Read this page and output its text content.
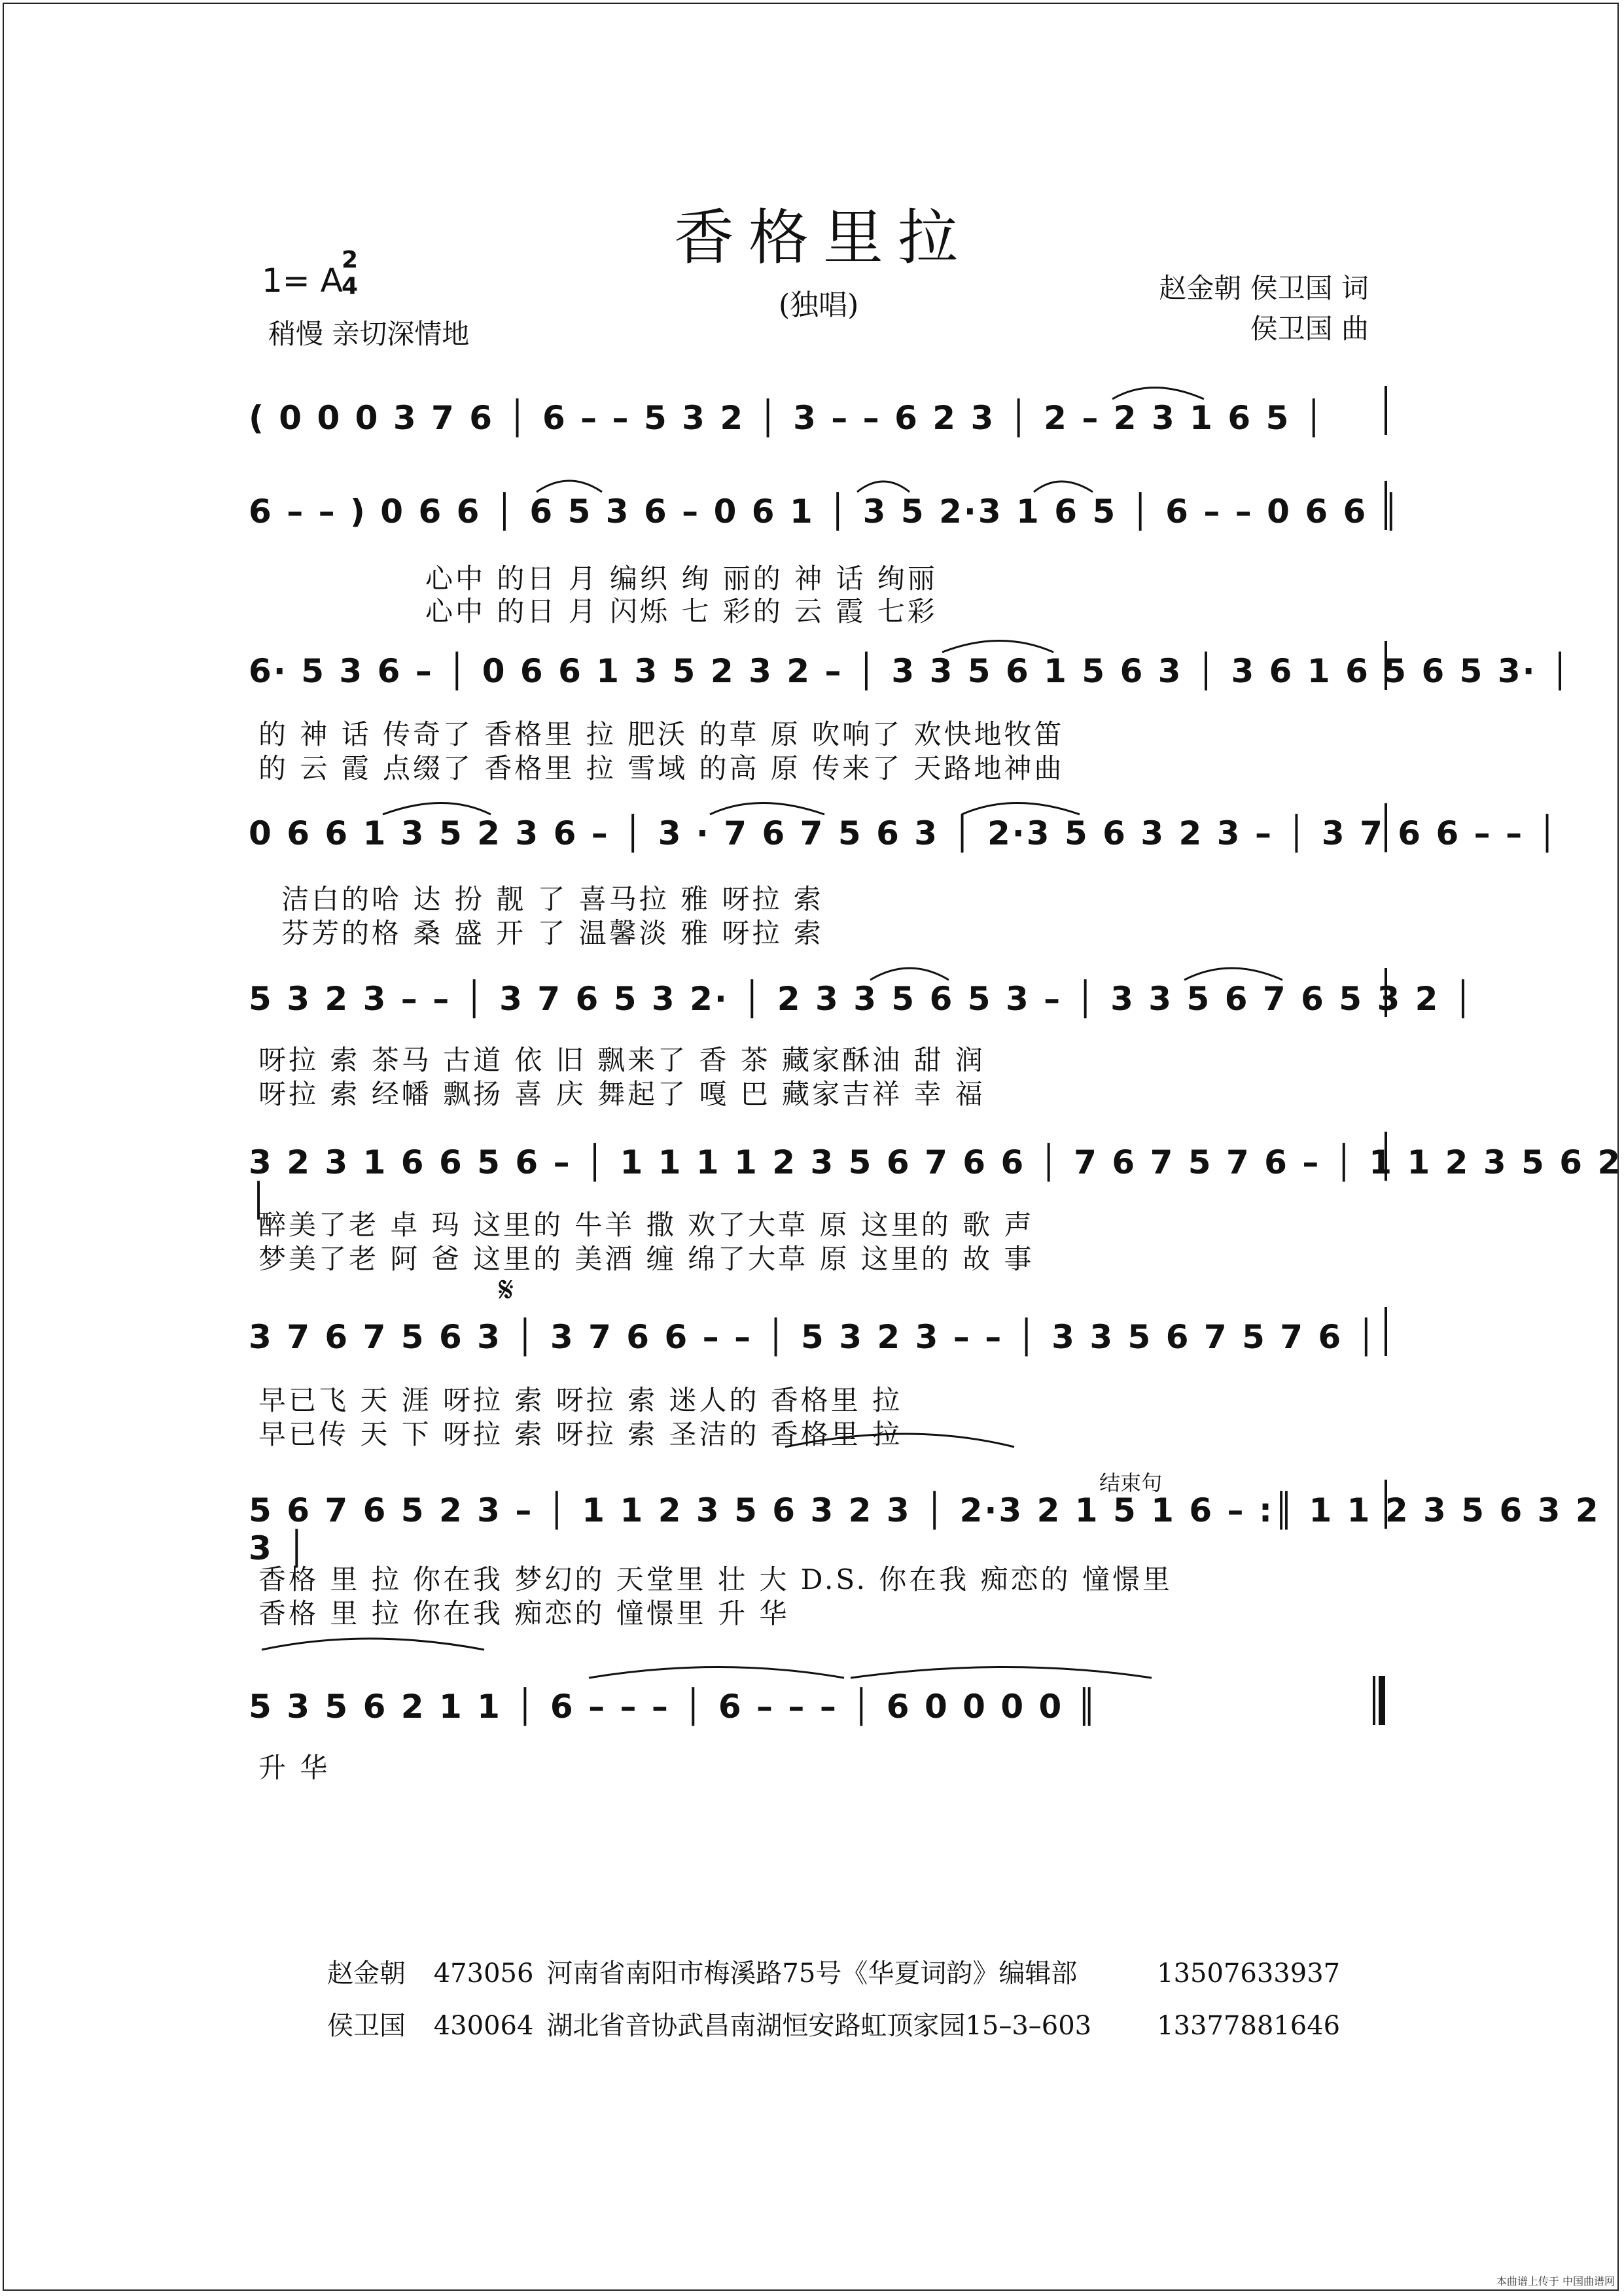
香格里拉
(独唱)
1= A
2
4
稍慢 亲切深情地
赵金朝 侯卫国 词
侯卫国 曲
( 0 0 0 3 7 6 │ 6 – – 5 3 2 │ 3 – – 6 2 3 │ 2 – 2 3 1 6 5 │
6 – – ) 0 6 6 │ 6 5 3 6 – 0 6 1 │ 3 5 2·3 1 6 5 │ 6 – – 0 6 6 │
心中 的日 月 编织 绚 丽的 神 话 绚丽
心中 的日 月 闪烁 七 彩的 云 霞 七彩
6· 5 3 6 – │ 0 6 6 1 3 5 2 3 2 – │ 3 3 5 6 1 5 6 3 │ 3 6 1 6 5 6 5 3· │
的 神 话 传奇了 香格里 拉 肥沃 的草 原 吹响了 欢快地牧笛
的 云 霞 点缀了 香格里 拉 雪域 的高 原 传来了 天路地神曲
0 6 6 1 3 5 2 3 6 – │ 3 · 7 6 7 5 6 3 │ 2·3 5 6 3 2 3 – │ 3 7 6 6 – – │
洁白的哈 达 扮 靓 了 喜马拉 雅 呀拉 索
芬芳的格 桑 盛 开 了 温馨淡 雅 呀拉 索
5 3 2 3 – – │ 3 7 6 5 3 2· │ 2 3 3 5 6 5 3 – │ 3 3 5 6 7 6 5 3 2 │
呀拉 索 茶马 古道 依 旧 飘来了 香 茶 藏家酥油 甜 润
呀拉 索 经幡 飘扬 喜 庆 舞起了 嘎 巴 藏家吉祥 幸 福
3 2 3 1 6 6 5 6 – │ 1 1 1 1 2 3 5 6 7 6 6 │ 7 6 7 5 7 6 – │ 1 1 2 3 5 6 2 │
醉美了老 卓 玛 这里的 牛羊 撒 欢了大草 原 这里的 歌 声
梦美了老 阿 爸 这里的 美酒 缠 绵了大草 原 这里的 故 事
𝄋
3 7 6 7 5 6 3 │ 3 7 6 6 – – │ 5 3 2 3 – – │ 3 3 5 6 7 5 7 6 │
早已飞 天 涯 呀拉 索 呀拉 索 迷人的 香格里 拉
早已传 天 下 呀拉 索 呀拉 索 圣洁的 香格里 拉
结束句
5 6 7 6 5 2 3 – │ 1 1 2 3 5 6 3 2 3 │ 2·3 2 1 5 1 6 – :║ 1 1 2 3 5 6 3 2 3 │
香格 里 拉 你在我 梦幻的 天堂里 壮 大 D.S. 你在我 痴恋的 憧憬里
香格 里 拉 你在我 痴恋的 憧憬里 升 华
5 3 5 6 2 1 1 │ 6 – – – │ 6 – – – │ 6 0 0 0 0 ║
升 华
赵金朝 473056 河南省南阳市梅溪路75号《华夏词韵》编辑部	13507633937
侯卫国 430064 湖北省音协武昌南湖恒安路虹顶家园15–3–603	13377881646
本曲谱上传于 中国曲谱网
